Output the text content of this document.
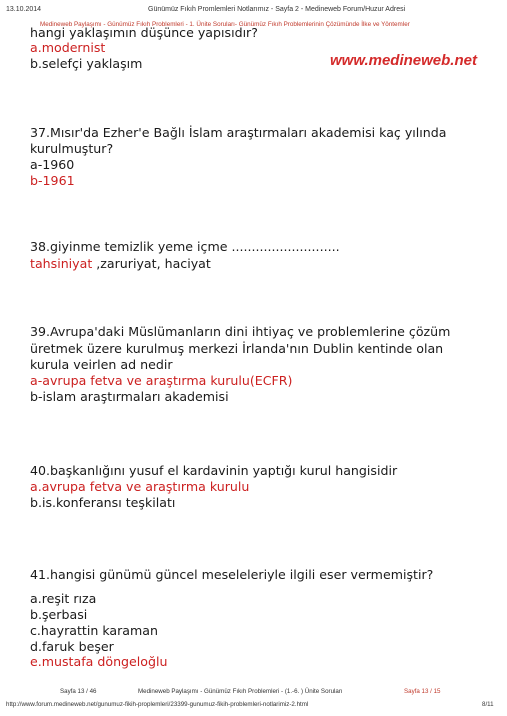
13.10.2014	Günümüz Fıkıh Promlemleri Notlarımız - Sayfa 2 - Medineweb Forum/Huzur Adresi
Medineweb Paylaşımı - Günümüz Fıkıh Problemleri - 1. Ünite Soruları- Günümüz Fıkıh Problemlerinin Çözümünde İlke ve Yöntemler
www.medineweb.net
hangi yaklaşımın düşünce yapısıdır?
a.modernist
b.selefçi yaklaşım
37.Mısır'da Ezher'e Bağlı İslam araştırmaları akademisi kaç yılında
kurulmuştur?
a-1960
b-1961
38.giyinme temizlik yeme içme ...........................
tahsiniyat ,zaruriyat, haciyat
39.Avrupa'daki Müslümanların dini ihtiyaç ve problemlerine çözüm
üretmek üzere kurulmuş merkezi İrlanda'nın Dublin kentinde olan
kurula veirlen ad nedir
a-avrupa fetva ve araştırma kurulu(ECFR)
b-islam araştırmaları akademisi
40.başkanlığını yusuf el kardavinin yaptığı kurul hangisidir
a.avrupa fetva ve araştırma kurulu
b.is.konferansı teşkilatı
41.hangisi günümü güncel meseleleriyle ilgili eser vermemiştir?
a.reşit rıza
b.şerbasi
c.hayrattin karaman
d.faruk beşer
e.mustafa döngeloğlu
Sayfa 13 / 46	Medineweb Paylaşımı - Günümüz Fıkıh Problemleri - (1.-6. ) Ünite Soruları	Sayfa 13 / 15
http://www.forum.medineweb.net/gunumuz-fikih-proplemleri/23399-gunumuz-fikih-problemleri-notlarimiz-2.html	8/11
